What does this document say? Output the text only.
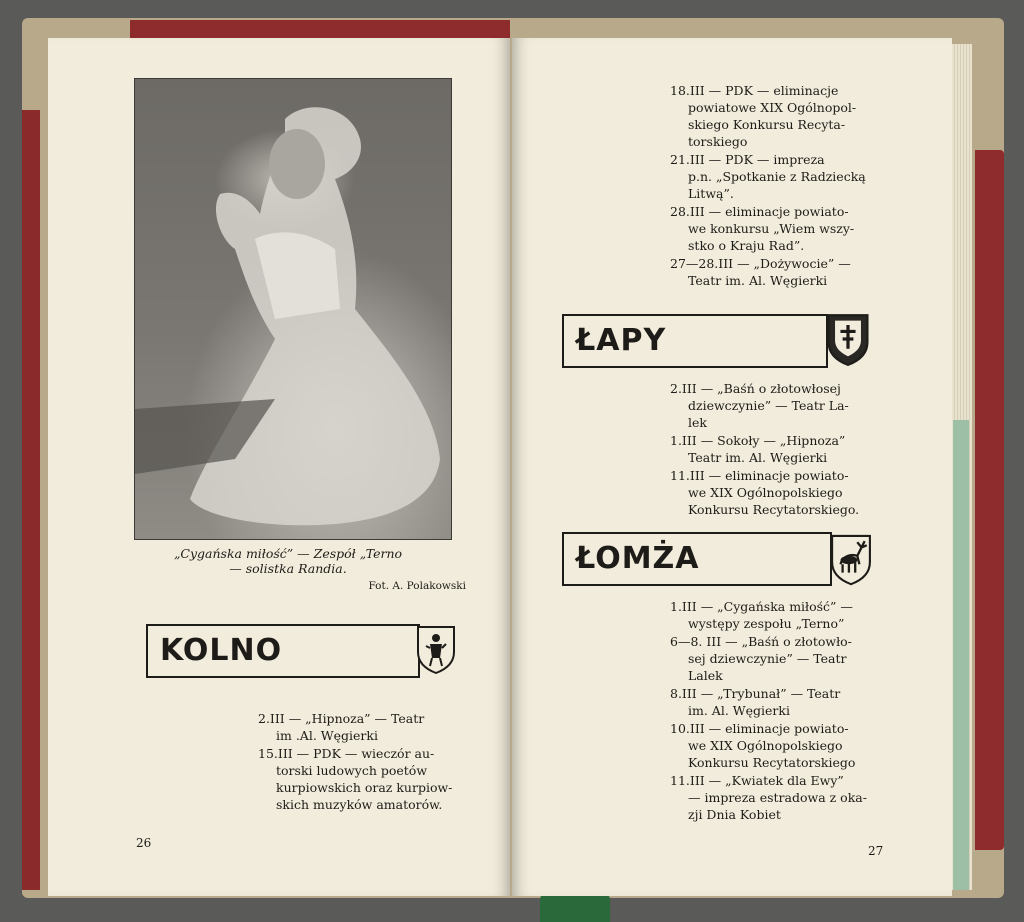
„Cygańska miłość” — Zespół „Terno
— solistka Randia.
Fot. A. Polakowski
KOLNO
2.III — „Hipnoza” — Teatr
im .Al. Węgierki
15.III — PDK — wieczór au-
torski ludowych poetów
kurpiowskich oraz kurpiow-
skich muzyków amatorów.
26
18.III — PDK — eliminacje
powiatowe XIX Ogólnopol-
skiego Konkursu Recyta-
torskiego
21.III — PDK — impreza
p.n. „Spotkanie z Radziecką
Litwą”.
28.III — eliminacje powiato-
we konkursu „Wiem wszy-
stko o Kraju Rad”.
27—28.III — „Dożywocie” —
Teatr im. Al. Węgierki
ŁAPY
2.III — „Baśń o złotowłosej
dziewczynie” — Teatr La-
lek
1.III — Sokoły — „Hipnoza”
Teatr im. Al. Węgierki
11.III — eliminacje powiato-
we XIX Ogólnopolskiego
Konkursu Recytatorskiego.
ŁOMŻA
1.III — „Cygańska miłość” —
występy zespołu „Terno”
6—8. III — „Baśń o złotowło-
sej dziewczynie” — Teatr
Lalek
8.III — „Trybunał” — Teatr
im. Al. Węgierki
10.III — eliminacje powiato-
we XIX Ogólnopolskiego
Konkursu Recytatorskiego
11.III — „Kwiatek dla Ewy”
— impreza estradowa z oka-
zji Dnia Kobiet
27
